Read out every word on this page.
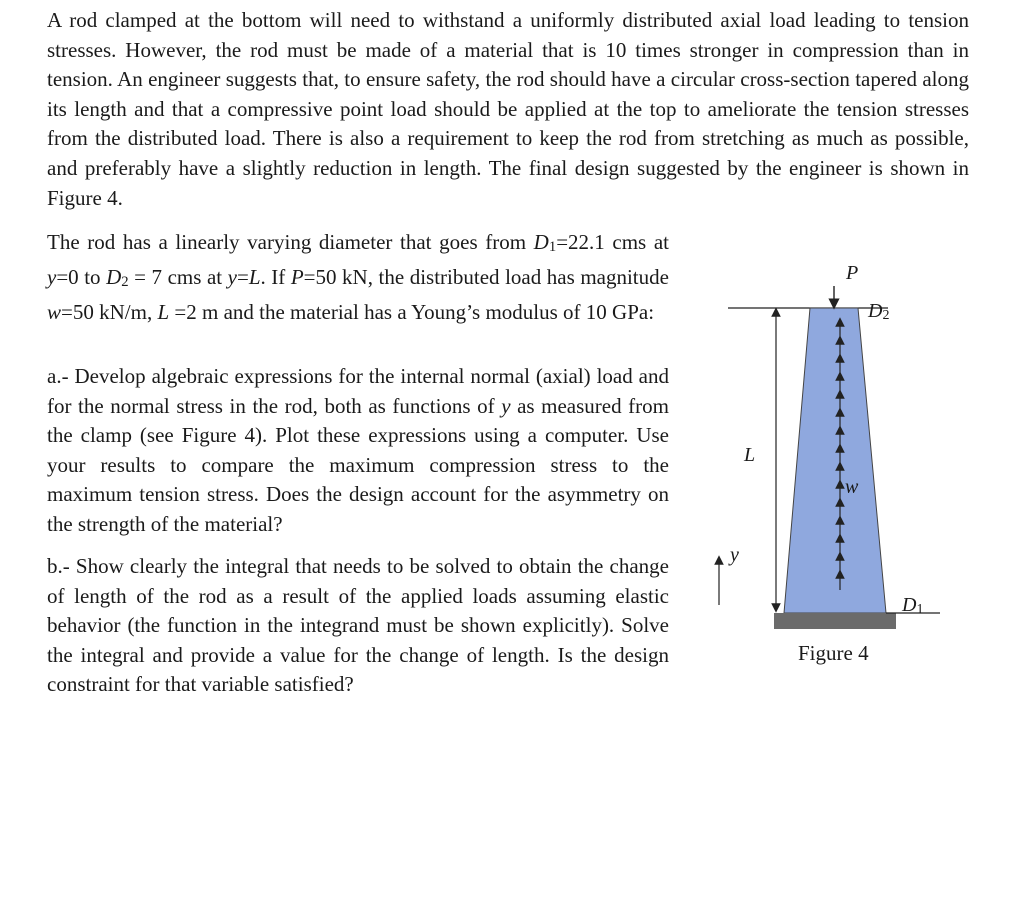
A rod clamped at the bottom will need to withstand a uniformly distributed axial load leading to tension stresses. However, the rod must be made of a material that is 10 times stronger in compression than in tension. An engineer suggests that, to ensure safety, the rod should have a circular cross-section tapered along its length and that a compressive point load should be applied at the top to ameliorate the tension stresses from the distributed load. There is also a requirement to keep the rod from stretching as much as possible, and preferably have a slightly reduction in length. The final design suggested by the engineer is shown in Figure 4.

The rod has a linearly varying diameter that goes from $D_1=22.1$ cms at y=0 to $D_2 = 7$ cms at y=L. If P=50 kN, the distributed load has magnitude w=50 kN/m, L =2 m and the material has a Young’s modulus of 10 GPa:

a.- Develop algebraic expressions for the internal normal (axial) load and for the normal stress in the rod, both as functions of y as measured from the clamp (see Figure 4). Plot these expressions using a computer. Use your results to compare the maximum compression stress to the maximum tension stress. Does the design account for the asymmetry on the strength of the material?

b.- Show clearly the integral that needs to be solved to obtain the change of length of the rod as a result of the applied loads assuming elastic behavior (the function in the integrand must be shown explicitly). Solve the integral and provide a value for the change of length. Is the design constraint for that variable satisfied?

P
$D_2$
L
w
y
$D_1$
Figure 4
